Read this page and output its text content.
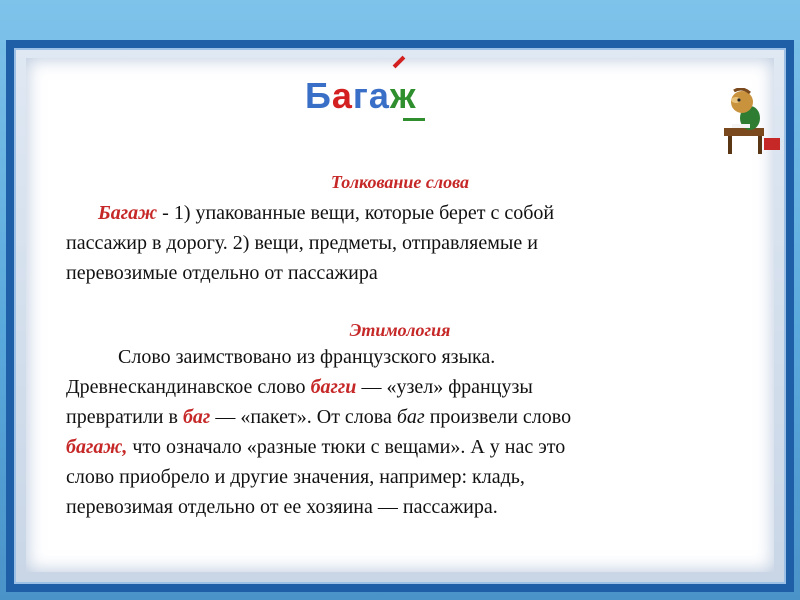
Багаж
Толкование слова
Багаж - 1) упакованные вещи, которые берет с собой
пассажир в дорогу. 2) вещи, предметы, отправляемые и
перевозимые отдельно от пассажира
Этимология
Слово заимствовано из французского языка.
Древнескандинавское слово багги — «узел» французы
превратили в баг — «пакет». От слова баг произвели слово
багаж, что означало «разные тюки с вещами». А у нас это
слово приобрело и другие значения, например: кладь,
перевозимая отдельно от ее хозяина — пассажира.
